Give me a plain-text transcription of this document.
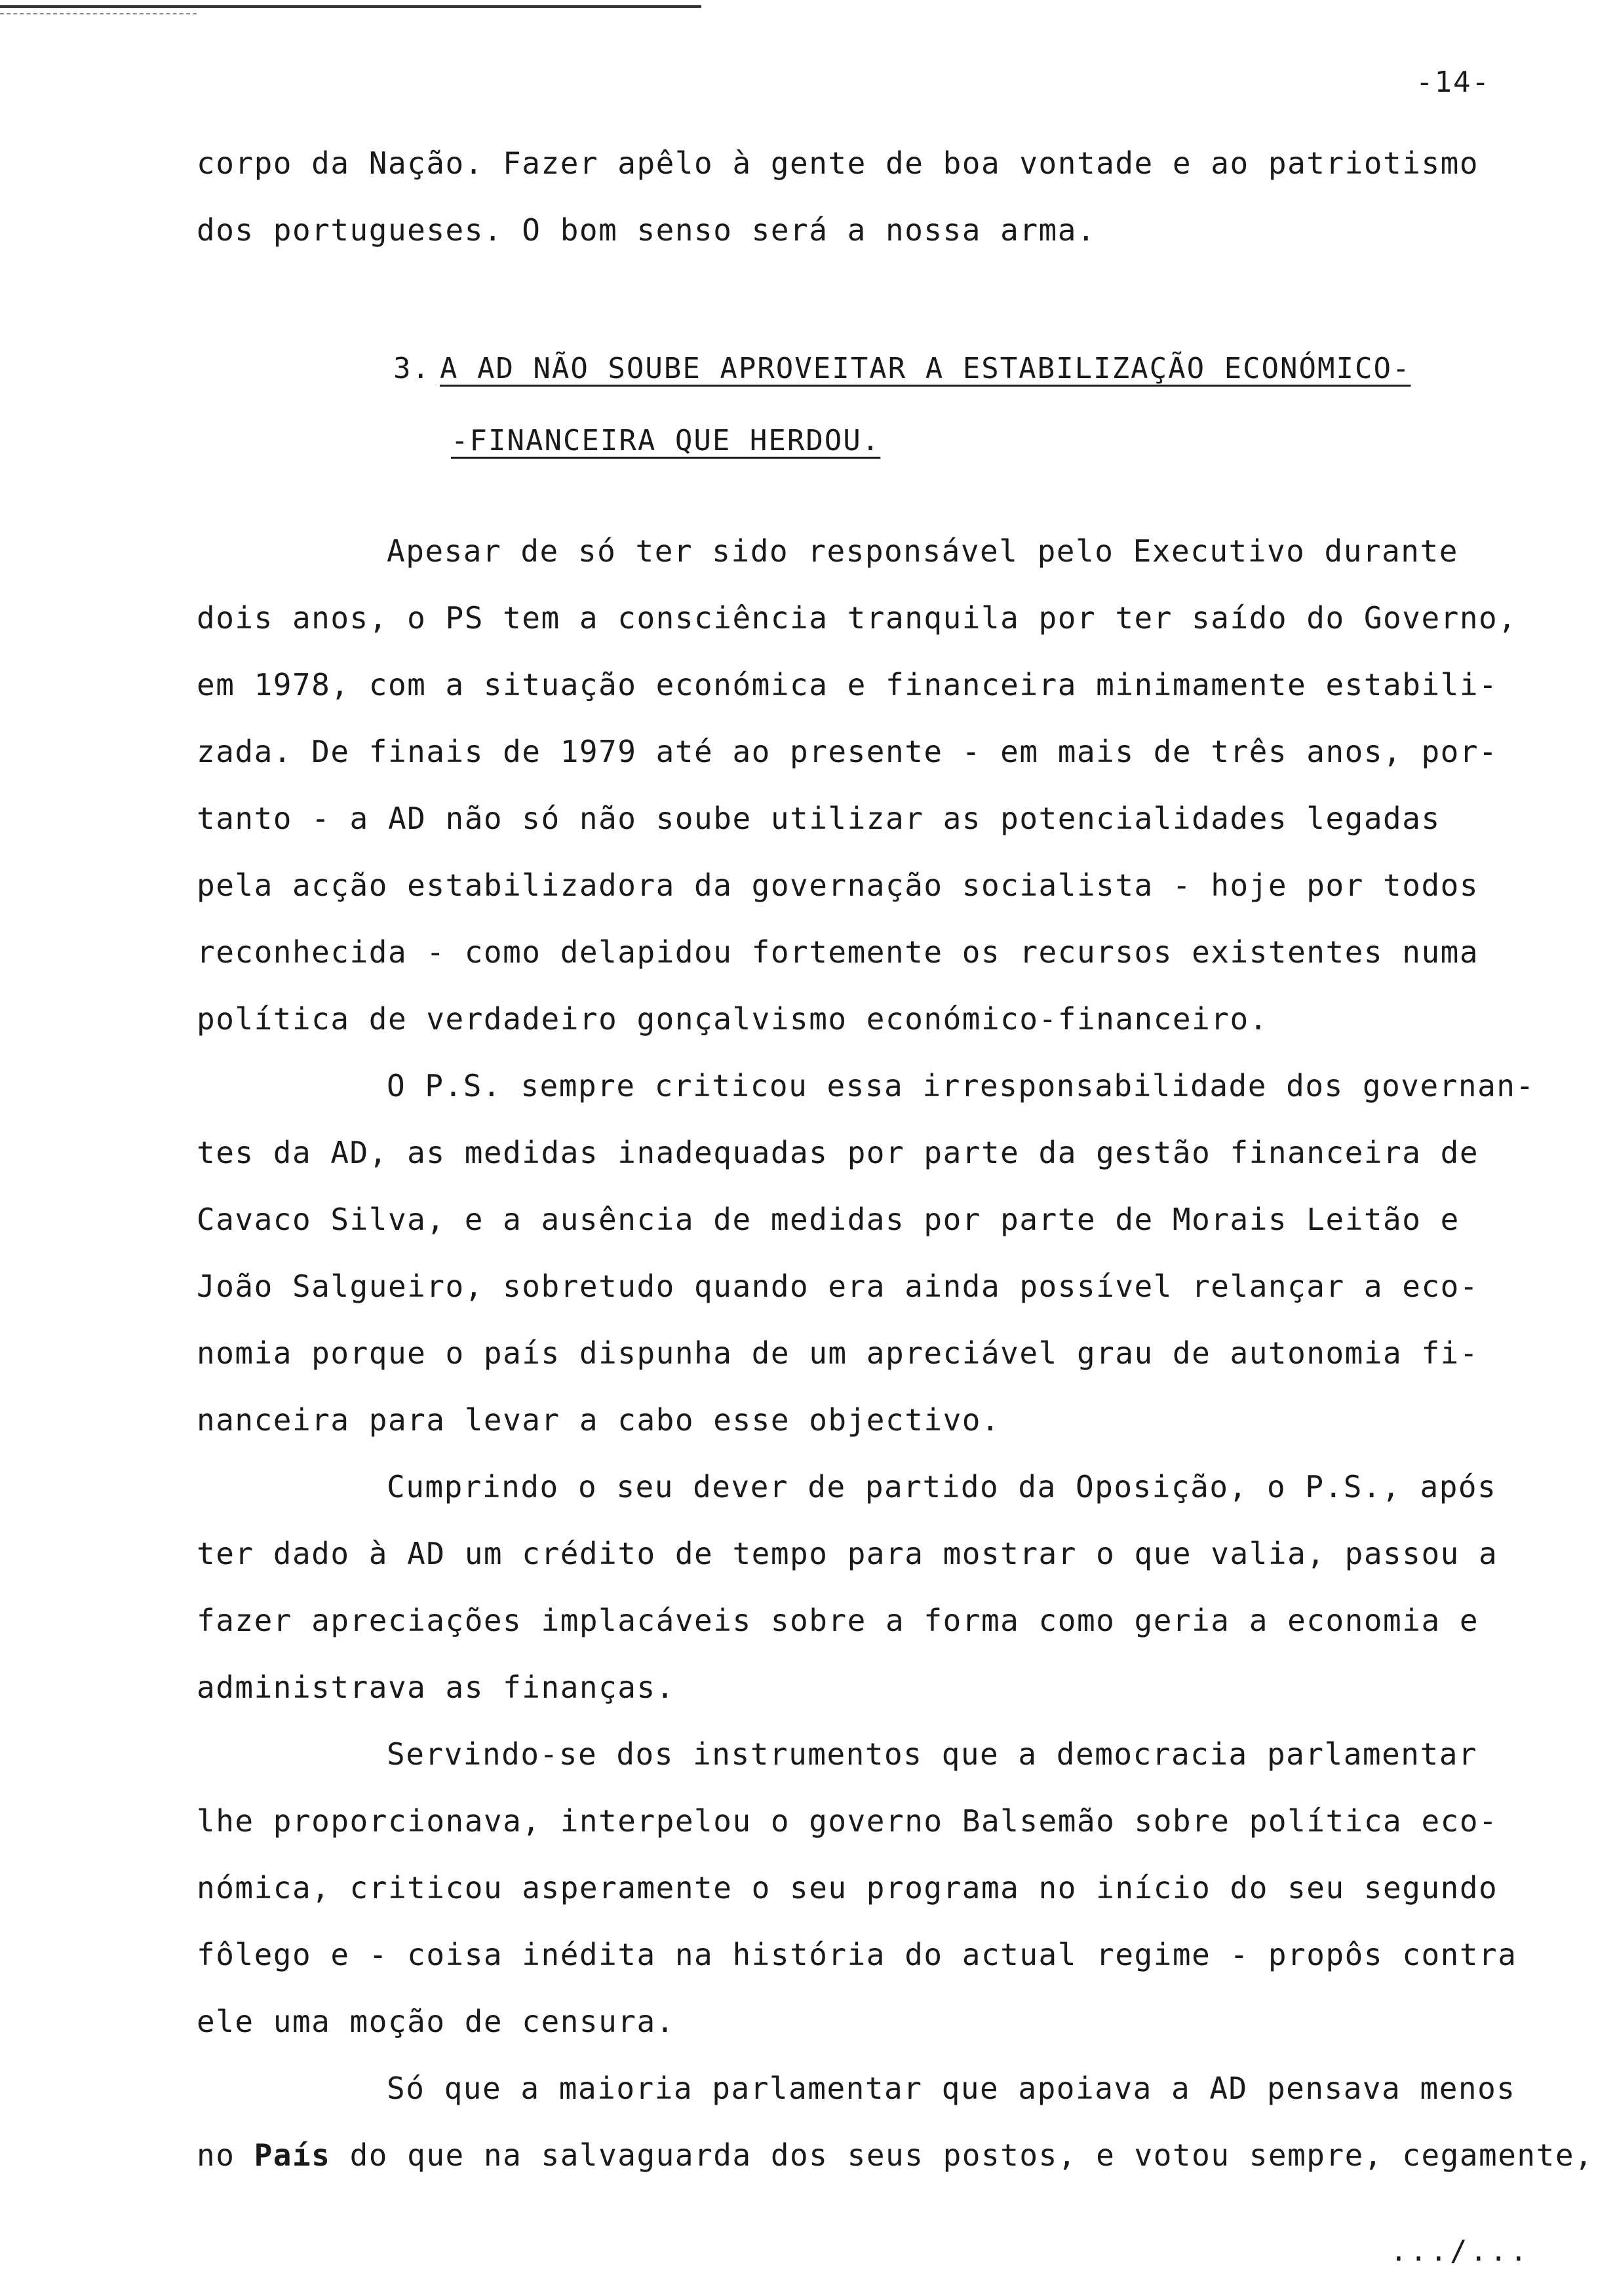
-14-
corpo da Nação. Fazer apêlo à gente de boa vontade e ao patriotismo
dos portugueses. O bom senso será a nossa arma.
3. A AD NÃO SOUBE APROVEITAR A ESTABILIZAÇÃO ECONÓMICO-
-FINANCEIRA QUE HERDOU.
Apesar de só ter sido responsável pelo Executivo durante
dois anos, o PS tem a consciência tranquila por ter saído do Governo,
em 1978, com a situação económica e financeira minimamente estabili-
zada. De finais de 1979 até ao presente - em mais de três anos, por-
tanto - a AD não só não soube utilizar as potencialidades legadas
pela acção estabilizadora da governação socialista - hoje por todos
reconhecida - como delapidou fortemente os recursos existentes numa
política de verdadeiro gonçalvismo económico-financeiro.
O P.S. sempre criticou essa irresponsabilidade dos governan-
tes da AD, as medidas inadequadas por parte da gestão financeira de
Cavaco Silva, e a ausência de medidas por parte de Morais Leitão e
João Salgueiro, sobretudo quando era ainda possível relançar a eco-
nomia porque o país dispunha de um apreciável grau de autonomia fi-
nanceira para levar a cabo esse objectivo.
Cumprindo o seu dever de partido da Oposição, o P.S., após
ter dado à AD um crédito de tempo para mostrar o que valia, passou a
fazer apreciações implacáveis sobre a forma como geria a economia e
administrava as finanças.
Servindo-se dos instrumentos que a democracia parlamentar
lhe proporcionava, interpelou o governo Balsemão sobre política eco-
nómica, criticou asperamente o seu programa no início do seu segundo
fôlego e - coisa inédita na história do actual regime - propôs contra
ele uma moção de censura.
Só que a maioria parlamentar que apoiava a AD pensava menos
no País do que na salvaguarda dos seus postos, e votou sempre, cegamente,
.../...
